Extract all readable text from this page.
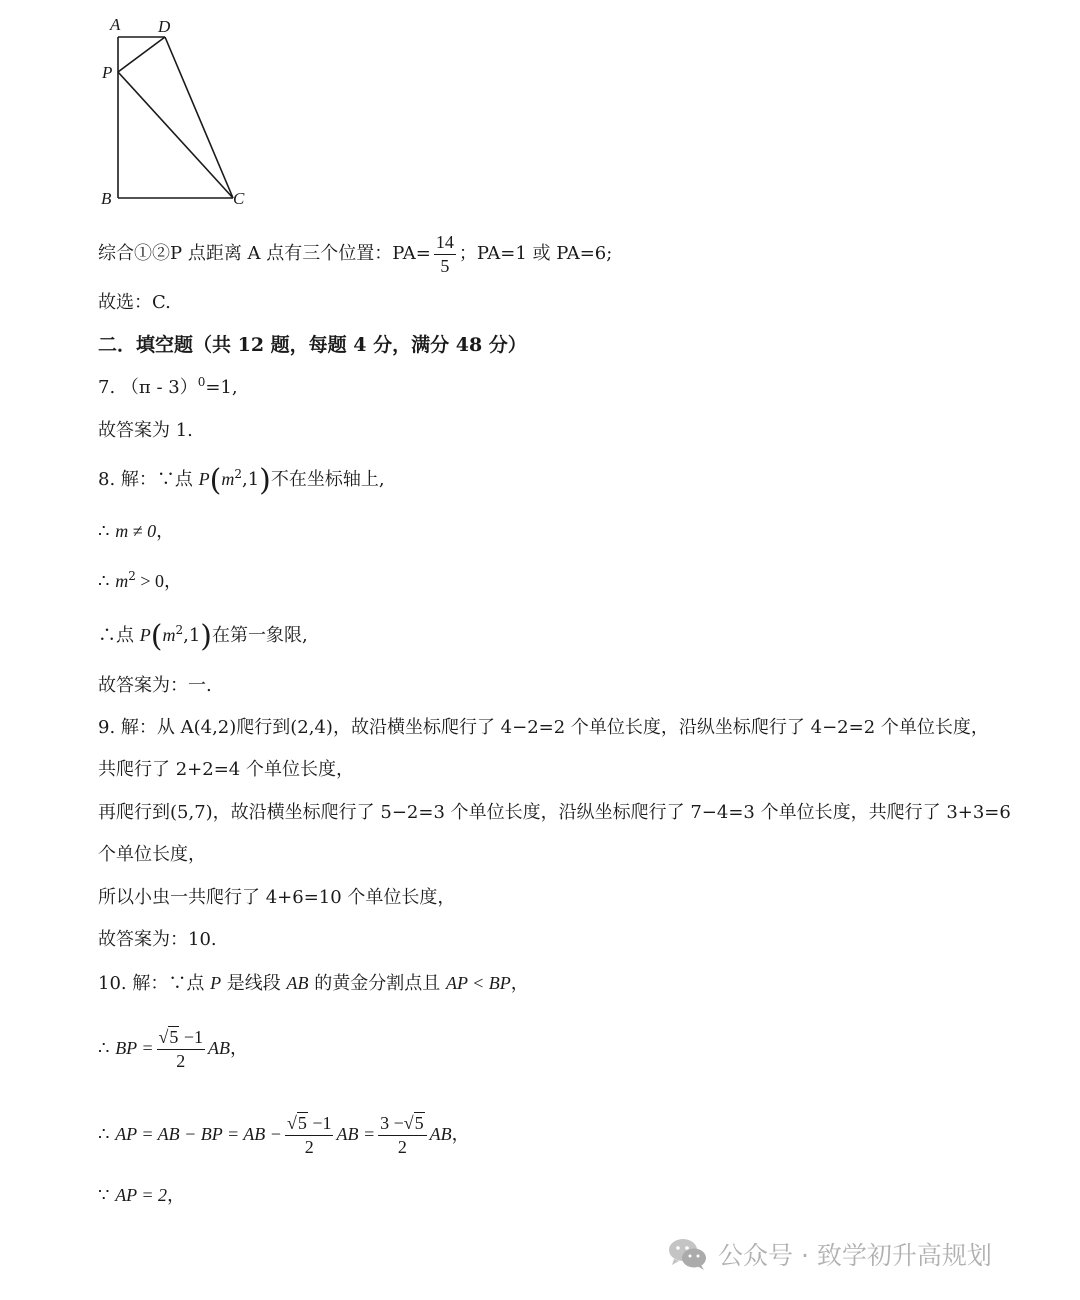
A D
P
B	C
综合①②P 点距离 A 点有三个位置：$PA= \frac{14}{5}$ ；PA=1 或 PA=6;
故选：C.
二．填空题（共 12 题，每题 4 分，满分 48 分）
7. （π - 3）$^0$=1,
故答案为 1.
8. 解：∵点 $P(m^2,1)$不在坐标轴上,
∴ m ≠ 0，
∴ $m^2 > 0$，
∴点 $P(m^2,1)$在第一象限,
故答案为：一.
9. 解：从 A(4,2)爬行到(2,4)，故沿横坐标爬行了 4−2=2 个单位长度，沿纵坐标爬行了 4−2=2 个单位长度，
共爬行了 2+2=4 个单位长度，
再爬行到(5,7)，故沿横坐标爬行了 5−2=3 个单位长度，沿纵坐标爬行了 7−4=3 个单位长度，共爬行了 3+3=6
个单位长度，
所以小虫一共爬行了 4+6=10 个单位长度，
故答案为：10.
10. 解：∵点 P 是线段 AB 的黄金分割点且 AP < BP，
∴ BP = $\frac{√5 -1}{2}$ AB，
∴ AP = AB − BP = AB − $\frac{√5 -1}{2}$ AB = $\frac{3 -√5}{2}$ AB，
∵ AP = 2，
公众号 · 致学初升高规划
